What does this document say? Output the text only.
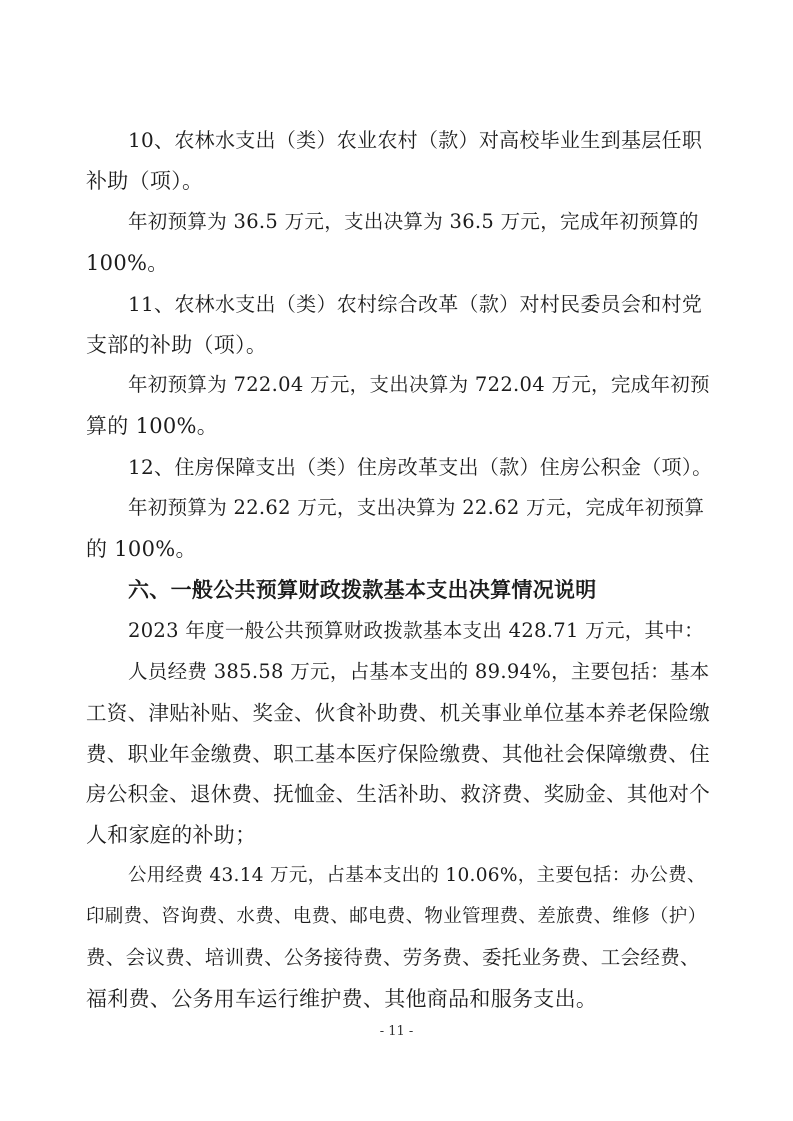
10、农林水支出（类）农业农村（款）对高校毕业生到基层任职
补助（项）。
年初预算为 36.5 万元，支出决算为 36.5 万元，完成年初预算的
100%。
11、农林水支出（类）农村综合改革（款）对村民委员会和村党
支部的补助（项）。
年初预算为 722.04 万元，支出决算为 722.04 万元，完成年初预
算的 100%。
12、住房保障支出（类）住房改革支出（款）住房公积金（项）。
年初预算为 22.62 万元，支出决算为 22.62 万元，完成年初预算
的 100%。
六、一般公共预算财政拨款基本支出决算情况说明
2023 年度一般公共预算财政拨款基本支出 428.71 万元，其中：
人员经费 385.58 万元，占基本支出的 89.94%，主要包括：基本
工资、津贴补贴、奖金、伙食补助费、机关事业单位基本养老保险缴
费、职业年金缴费、职工基本医疗保险缴费、其他社会保障缴费、住
房公积金、退休费、抚恤金、生活补助、救济费、奖励金、其他对个
人和家庭的补助；
公用经费 43.14 万元，占基本支出的 10.06%，主要包括：办公费、
印刷费、咨询费、水费、电费、邮电费、物业管理费、差旅费、维修（护）
- 11 -
费、会议费、培训费、公务接待费、劳务费、委托业务费、工会经费、
福利费、公务用车运行维护费、其他商品和服务支出。
